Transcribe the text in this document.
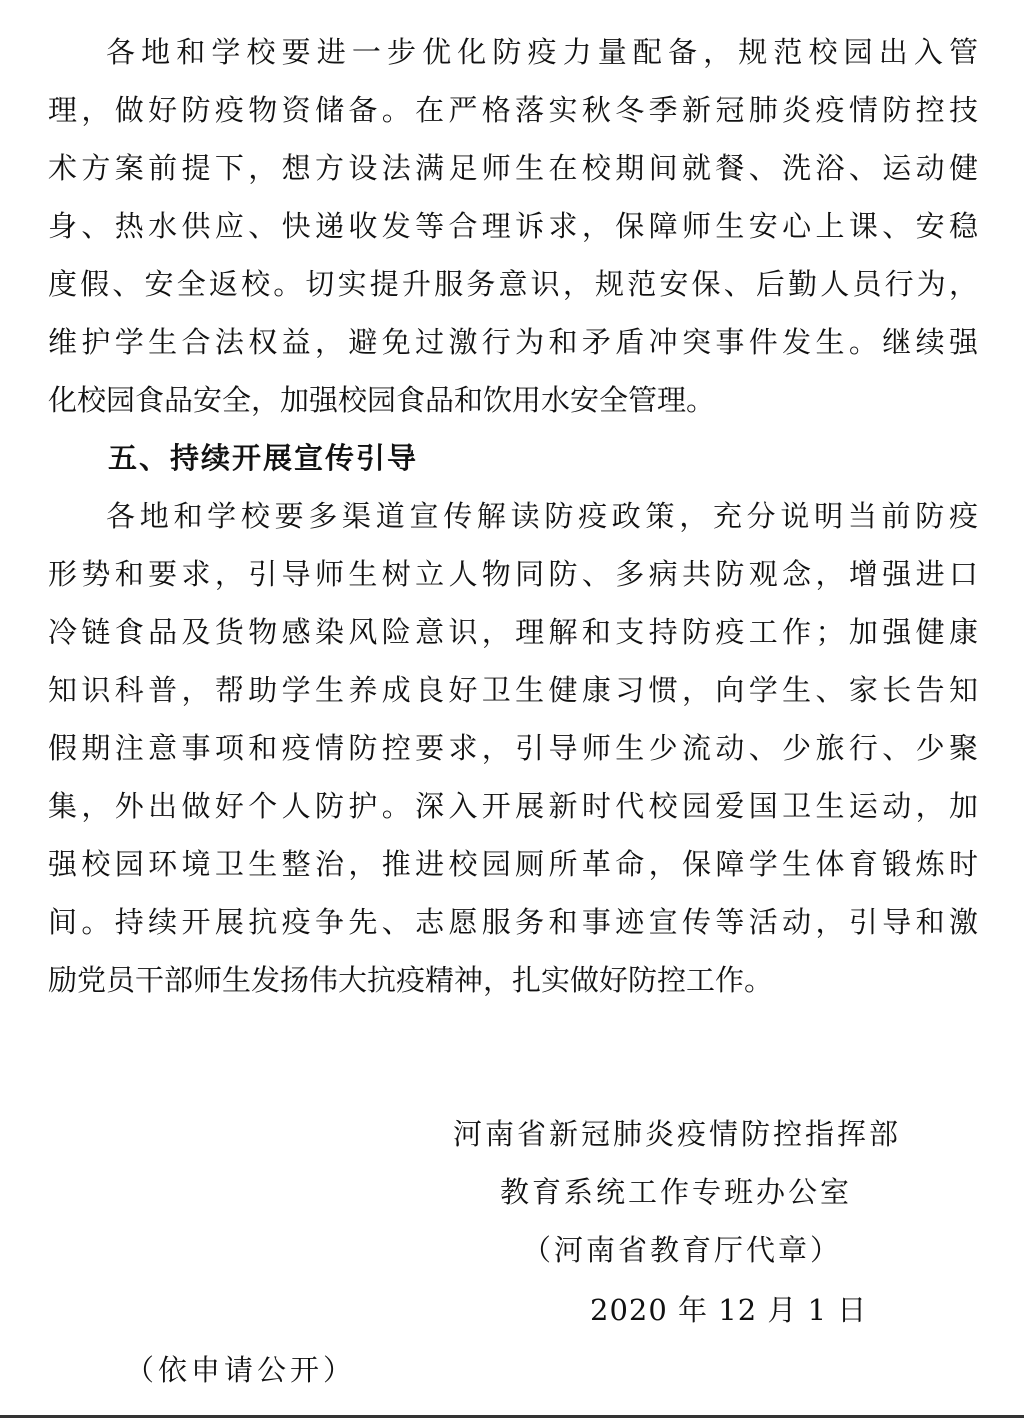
各地和学校要进一步优化防疫力量配备，规范校园出入管
理，做好防疫物资储备。在严格落实秋冬季新冠肺炎疫情防控技
术方案前提下，想方设法满足师生在校期间就餐、洗浴、运动健
身、热水供应、快递收发等合理诉求，保障师生安心上课、安稳
度假、安全返校。切实提升服务意识，规范安保、后勤人员行为，
维护学生合法权益，避免过激行为和矛盾冲突事件发生。继续强
化校园食品安全，加强校园食品和饮用水安全管理。
五、持续开展宣传引导
各地和学校要多渠道宣传解读防疫政策，充分说明当前防疫
形势和要求，引导师生树立人物同防、多病共防观念，增强进口
冷链食品及货物感染风险意识，理解和支持防疫工作；加强健康
知识科普，帮助学生养成良好卫生健康习惯，向学生、家长告知
假期注意事项和疫情防控要求，引导师生少流动、少旅行、少聚
集，外出做好个人防护。深入开展新时代校园爱国卫生运动，加
强校园环境卫生整治，推进校园厕所革命，保障学生体育锻炼时
间。持续开展抗疫争先、志愿服务和事迹宣传等活动，引导和激
励党员干部师生发扬伟大抗疫精神，扎实做好防控工作。
河南省新冠肺炎疫情防控指挥部
教育系统工作专班办公室
（河南省教育厅代章）
2020 年 12 月 1 日
（依申请公开）
